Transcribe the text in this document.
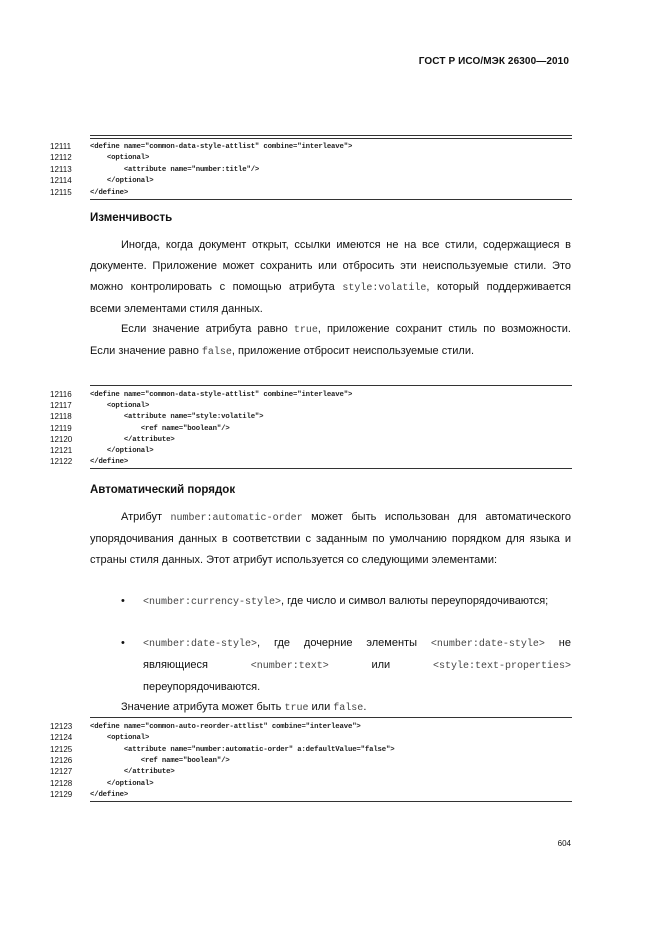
ГОСТ Р ИСО/МЭК 26300—2010
12111	<define name="common-data-style-attlist" combine="interleave">
12112	<optional>
12113	<attribute name="number:title"/>
12114	</optional>
12115	</define>
Изменчивость

Иногда, когда документ открыт, ссылки имеются не на все стили, содержащиеся в документе. Приложение может сохранить или отбросить эти неиспользуемые стили. Это можно контролировать с помощью атрибута style:volatile, который поддерживается всеми элементами стиля данных.

Если значение атрибута равно true, приложение сохранит стиль по возможности. Если значение равно false, приложение отбросит неиспользуемые стили.

12116	<define name="common-data-style-attlist" combine="interleave">
12117	<optional>
12118	<attribute name="style:volatile">
12119	<ref name="boolean"/>
12120	</attribute>
12121	</optional>
12122	</define>
Автоматический порядок

Атрибут number:automatic-order может быть использован для автоматического упорядочивания данных в соответствии с заданным по умолчанию порядком для языка и страны стиля данных. Этот атрибут используется со следующими элементами:

• <number:currency-style>, где число и символ валюты переупорядочиваются;

• <number:date-style>, где дочерние элементы <number:date-style> не являющиеся <number:text> или <style:text-properties> переупорядочиваются.

Значение атрибута может быть true или false.

12123	<define name="common-auto-reorder-attlist" combine="interleave">
12124	<optional>
12125	<attribute name="number:automatic-order" a:defaultValue="false">
12126	<ref name="boolean"/>
12127	</attribute>
12128	</optional>
12129	</define>
604
